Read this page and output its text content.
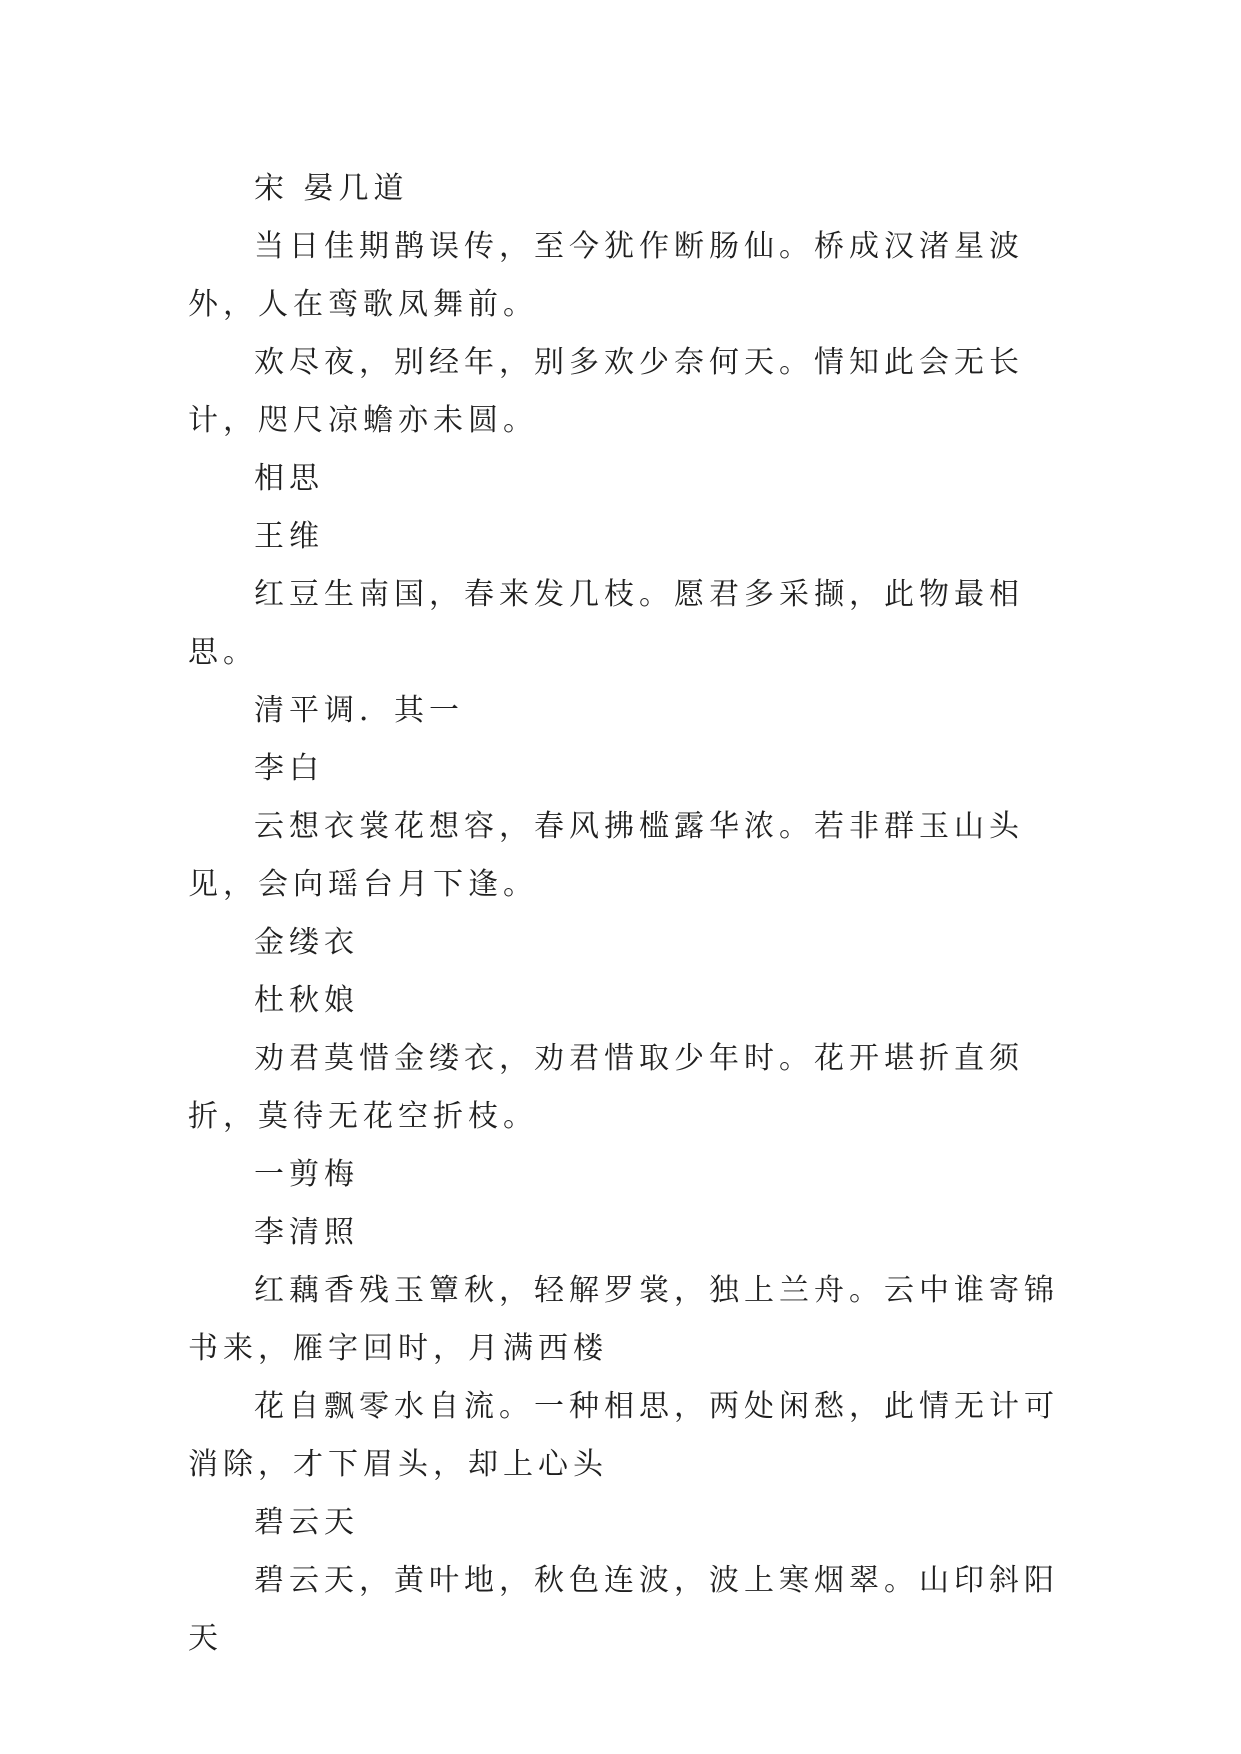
宋 晏几道

当日佳期鹊误传，至今犹作断肠仙。桥成汉渚星波外，人在鸾歌凤舞前。

欢尽夜，别经年，别多欢少奈何天。情知此会无长计，咫尺凉蟾亦未圆。

相思

王维

红豆生南国，春来发几枝。愿君多采撷，此物最相思。

清平调．其一

李白

云想衣裳花想容，春风拂槛露华浓。若非群玉山头见，会向瑶台月下逢。

金缕衣

杜秋娘

劝君莫惜金缕衣，劝君惜取少年时。花开堪折直须折，莫待无花空折枝。

一剪梅

李清照

红藕香残玉簟秋，轻解罗裳，独上兰舟。云中谁寄锦书来，雁字回时，月满西楼

花自飘零水自流。一种相思，两处闲愁，此情无计可消除，才下眉头，却上心头

碧云天

碧云天，黄叶地，秋色连波，波上寒烟翠。山印斜阳天
